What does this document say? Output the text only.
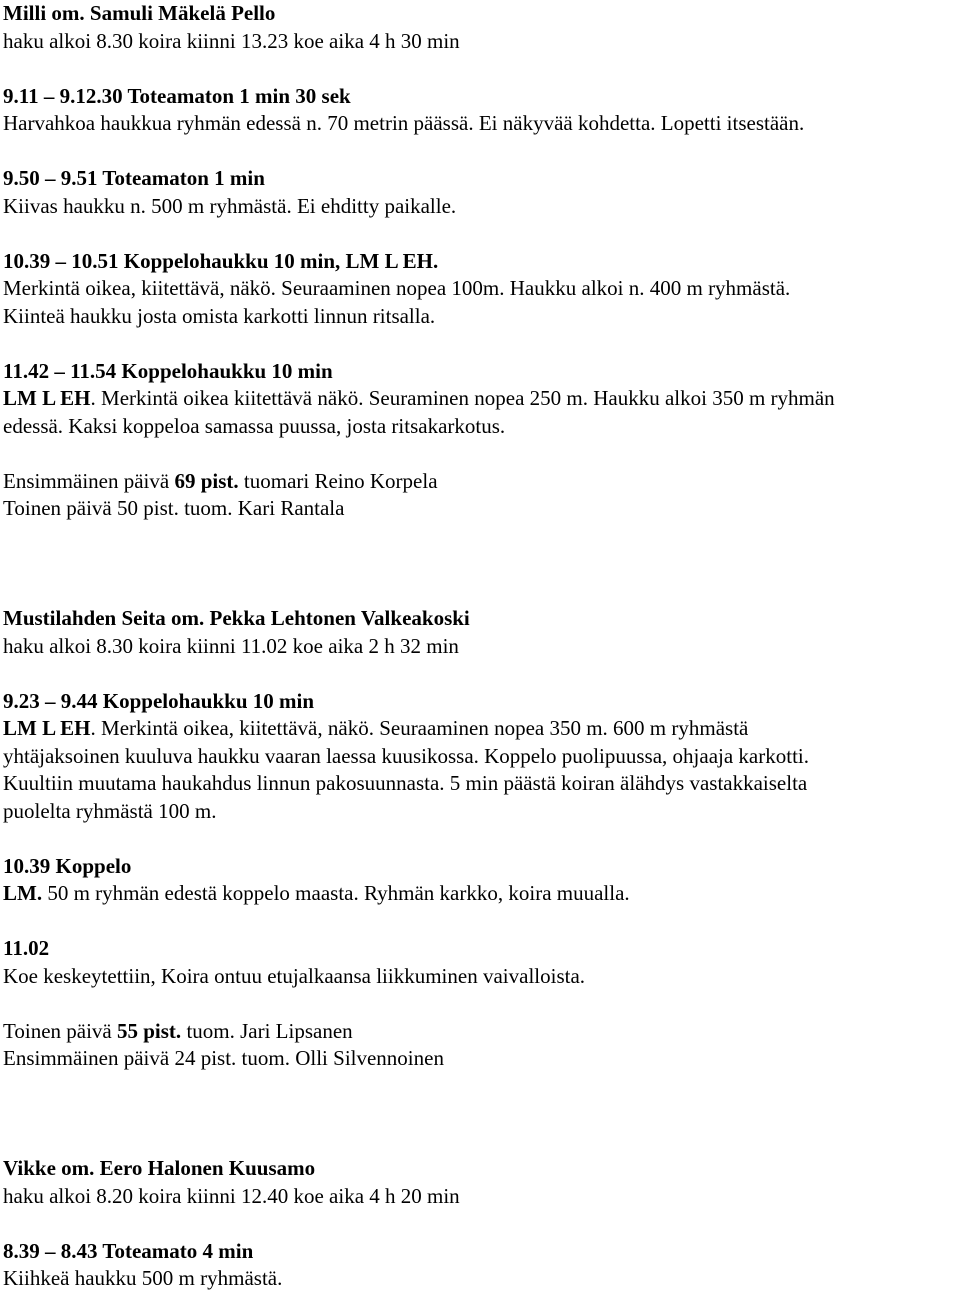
Milli om. Samuli Mäkelä Pello
haku alkoi 8.30 koira kiinni 13.23 koe aika 4 h 30 min
9.11 – 9.12.30 Toteamaton 1 min 30 sek
Harvahkoa haukkua ryhmän edessä n. 70 metrin päässä. Ei näkyvää kohdetta. Lopetti itsestään.
9.50 – 9.51 Toteamaton 1 min
Kiivas haukku n. 500 m ryhmästä. Ei ehditty paikalle.
10.39 – 10.51 Koppelohaukku 10 min, LM L EH.
Merkintä oikea, kiitettävä, näkö. Seuraaminen nopea 100m. Haukku alkoi n. 400 m ryhmästä.
Kiinteä haukku josta omista karkotti linnun ritsalla.
11.42 – 11.54 Koppelohaukku 10 min
LM L EH. Merkintä oikea kiitettävä näkö. Seuraminen nopea 250 m. Haukku alkoi 350 m ryhmän
edessä. Kaksi koppeloa samassa puussa, josta ritsakarkotus.
Ensimmäinen päivä 69 pist. tuomari Reino Korpela
Toinen päivä 50 pist. tuom. Kari Rantala
Mustilahden Seita om. Pekka Lehtonen Valkeakoski
haku alkoi 8.30 koira kiinni 11.02 koe aika 2 h 32 min
9.23 – 9.44 Koppelohaukku 10 min
LM L EH. Merkintä oikea, kiitettävä, näkö. Seuraaminen nopea 350 m. 600 m ryhmästä
yhtäjaksoinen kuuluva haukku vaaran laessa kuusikossa. Koppelo puolipuussa, ohjaaja karkotti.
Kuultiin muutama haukahdus linnun pakosuunnasta. 5 min päästä koiran älähdys vastakkaiselta
puolelta ryhmästä 100 m.
10.39 Koppelo
LM. 50 m ryhmän edestä koppelo maasta. Ryhmän karkko, koira muualla.
11.02
Koe keskeytettiin, Koira ontuu etujalkaansa liikkuminen vaivalloista.
Toinen päivä 55 pist. tuom. Jari Lipsanen
Ensimmäinen päivä 24 pist. tuom. Olli Silvennoinen
Vikke om. Eero Halonen Kuusamo
haku alkoi 8.20 koira kiinni 12.40 koe aika 4 h 20 min
8.39 – 8.43 Toteamato 4 min
Kiihkeä haukku 500 m ryhmästä.
